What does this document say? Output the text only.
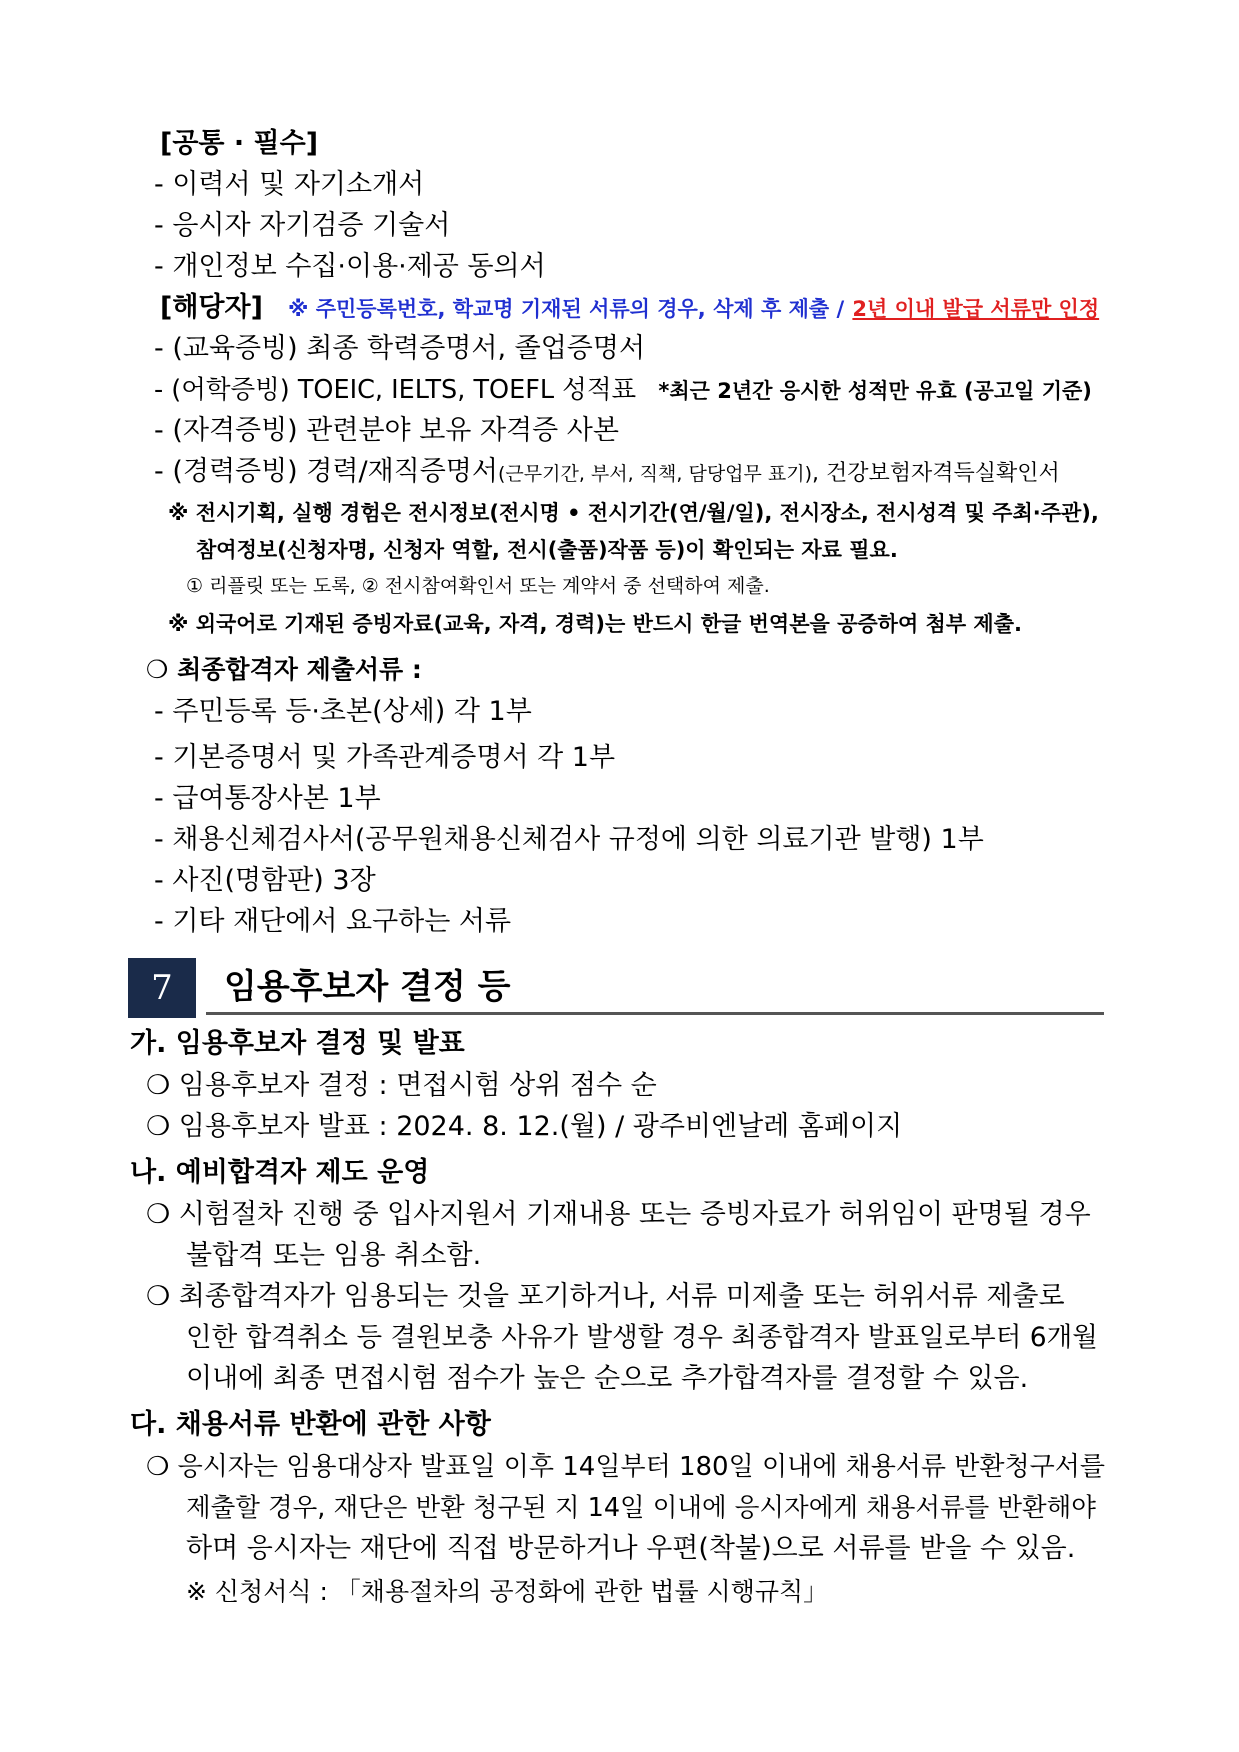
[공통 · 필수]
- 이력서 및 자기소개서
- 응시자 자기검증 기술서
- 개인정보 수집·이용·제공 동의서
[해당자] ※ 주민등록번호, 학교명 기재된 서류의 경우, 삭제 후 제출 / 2년 이내 발급 서류만 인정
- (교육증빙) 최종 학력증명서, 졸업증명서
- (어학증빙) TOEIC, IELTS, TOEFL 성적표 *최근 2년간 응시한 성적만 유효 (공고일 기준)
- (자격증빙) 관련분야 보유 자격증 사본
- (경력증빙) 경력/재직증명서(근무기간, 부서, 직책, 담당업무 표기), 건강보험자격득실확인서
※ 전시기획, 실행 경험은 전시정보(전시명 • 전시기간(연/월/일), 전시장소, 전시성격 및 주최·주관),
참여정보(신청자명, 신청자 역할, 전시(출품)작품 등)이 확인되는 자료 필요.
① 리플릿 또는 도록, ② 전시참여확인서 또는 계약서 중 선택하여 제출.
※ 외국어로 기재된 증빙자료(교육, 자격, 경력)는 반드시 한글 번역본을 공증하여 첨부 제출.
❍ 최종합격자 제출서류 :
- 주민등록 등·초본(상세) 각 1부
- 기본증명서 및 가족관계증명서 각 1부
- 급여통장사본 1부
- 채용신체검사서(공무원채용신체검사 규정에 의한 의료기관 발행) 1부
- 사진(명함판) 3장
- 기타 재단에서 요구하는 서류
7	임용후보자 결정 등
가. 임용후보자 결정 및 발표
❍ 임용후보자 결정 : 면접시험 상위 점수 순
❍ 임용후보자 발표 : 2024. 8. 12.(월) / 광주비엔날레 홈페이지
나. 예비합격자 제도 운영
❍ 시험절차 진행 중 입사지원서 기재내용 또는 증빙자료가 허위임이 판명될 경우
불합격 또는 임용 취소함.
❍ 최종합격자가 임용되는 것을 포기하거나, 서류 미제출 또는 허위서류 제출로
인한 합격취소 등 결원보충 사유가 발생할 경우 최종합격자 발표일로부터 6개월
이내에 최종 면접시험 점수가 높은 순으로 추가합격자를 결정할 수 있음.
다. 채용서류 반환에 관한 사항
❍ 응시자는 임용대상자 발표일 이후 14일부터 180일 이내에 채용서류 반환청구서를
제출할 경우, 재단은 반환 청구된 지 14일 이내에 응시자에게 채용서류를 반환해야
하며 응시자는 재단에 직접 방문하거나 우편(착불)으로 서류를 받을 수 있음.
※ 신청서식 : 「채용절차의 공정화에 관한 법률 시행규칙」
